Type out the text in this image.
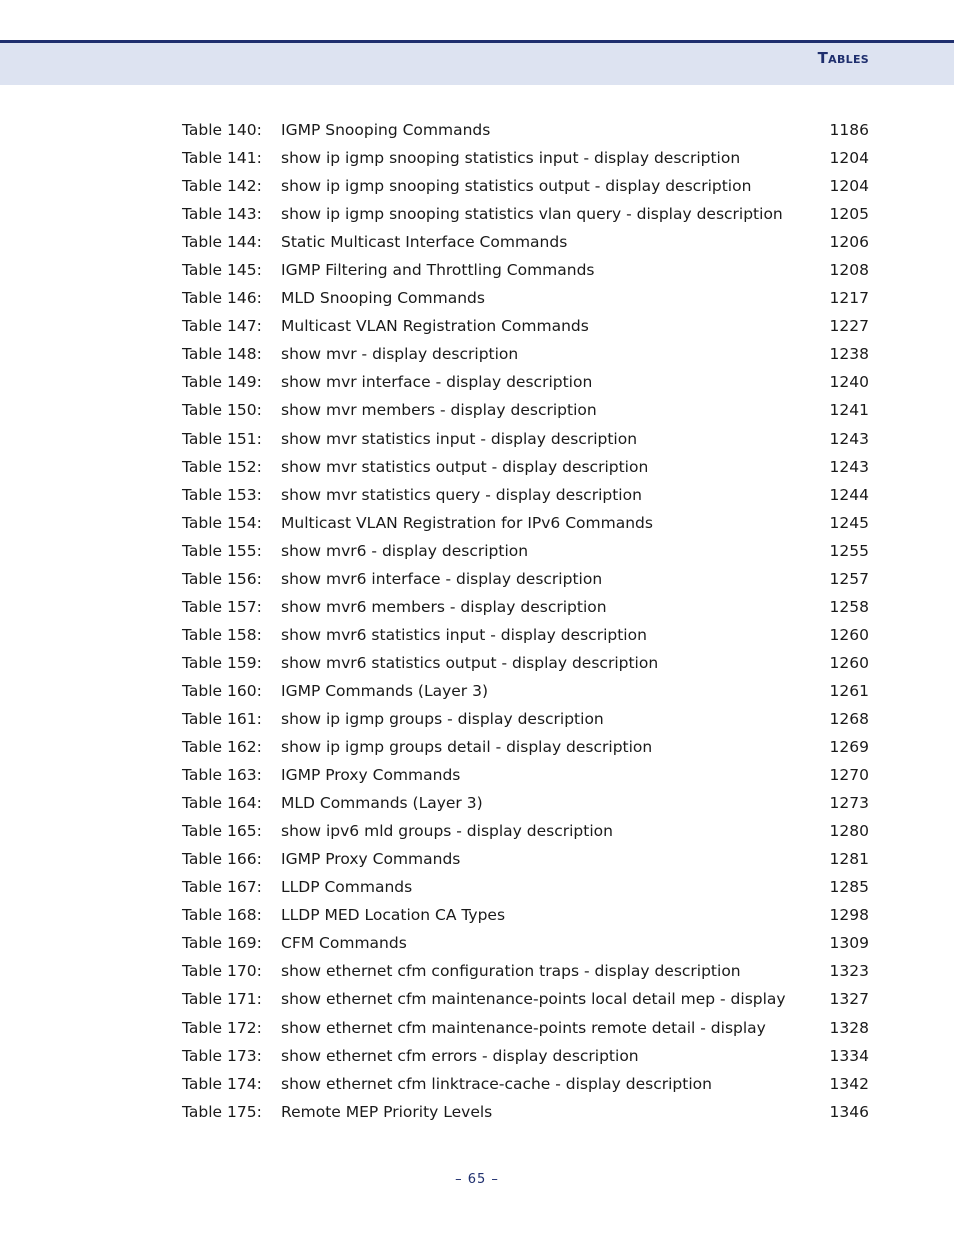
Tables
Table 140: IGMP Snooping Commands	1186
Table 141: show ip igmp snooping statistics input - display description	1204
Table 142: show ip igmp snooping statistics output - display description	1204
Table 143: show ip igmp snooping statistics vlan query - display description	1205
Table 144: Static Multicast Interface Commands	1206
Table 145: IGMP Filtering and Throttling Commands	1208
Table 146: MLD Snooping Commands	1217
Table 147: Multicast VLAN Registration Commands	1227
Table 148: show mvr - display description	1238
Table 149: show mvr interface - display description	1240
Table 150: show mvr members - display description	1241
Table 151: show mvr statistics input - display description	1243
Table 152: show mvr statistics output - display description	1243
Table 153: show mvr statistics query - display description	1244
Table 154: Multicast VLAN Registration for IPv6 Commands	1245
Table 155: show mvr6 - display description	1255
Table 156: show mvr6 interface - display description	1257
Table 157: show mvr6 members - display description	1258
Table 158: show mvr6 statistics input - display description	1260
Table 159: show mvr6 statistics output - display description	1260
Table 160: IGMP Commands (Layer 3)	1261
Table 161: show ip igmp groups - display description	1268
Table 162: show ip igmp groups detail - display description	1269
Table 163: IGMP Proxy Commands	1270
Table 164: MLD Commands (Layer 3)	1273
Table 165: show ipv6 mld groups - display description	1280
Table 166: IGMP Proxy Commands	1281
Table 167: LLDP Commands	1285
Table 168: LLDP MED Location CA Types	1298
Table 169: CFM Commands	1309
Table 170: show ethernet cfm configuration traps - display description	1323
Table 171: show ethernet cfm maintenance-points local detail mep - display	1327
Table 172: show ethernet cfm maintenance-points remote detail - display	1328
Table 173: show ethernet cfm errors - display description	1334
Table 174: show ethernet cfm linktrace-cache - display description	1342
Table 175: Remote MEP Priority Levels	1346
– 65 –
